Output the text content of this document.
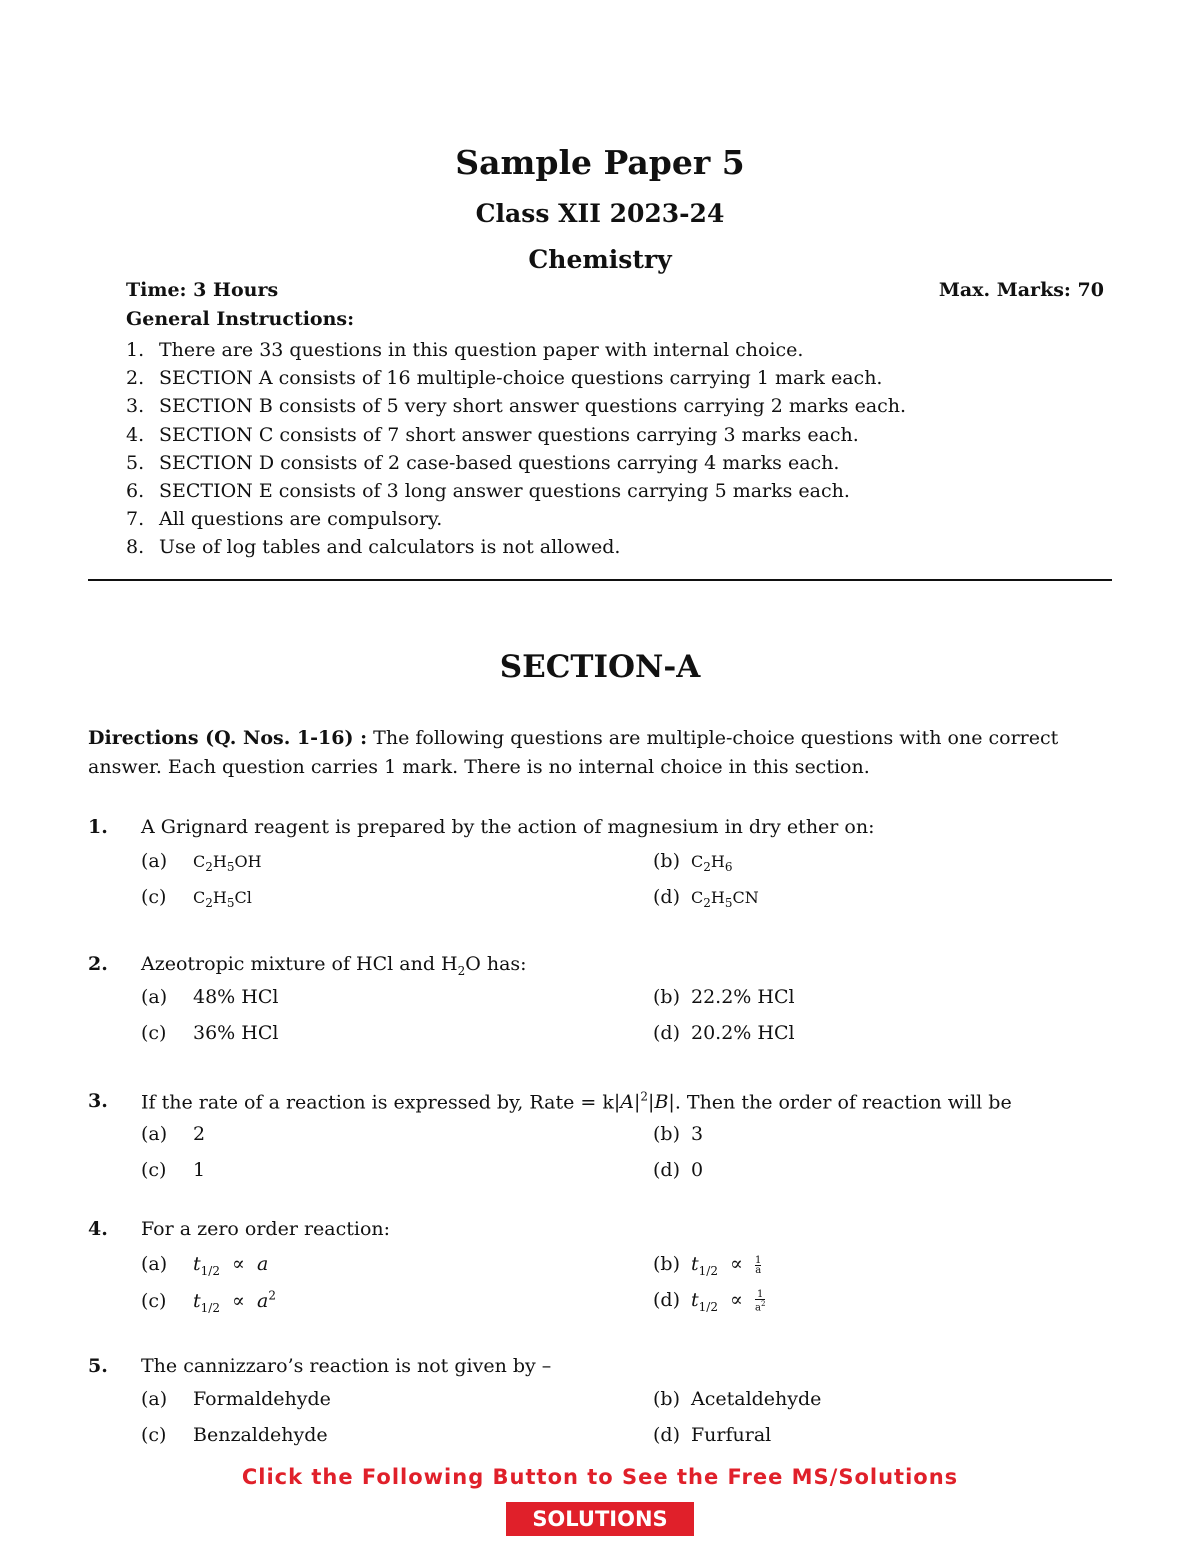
Sample Paper 5
Class XII 2023-24
Chemistry
Time: 3 Hours	Max. Marks: 70
General Instructions:
1. There are 33 questions in this question paper with internal choice.
2. SECTION A consists of 16 multiple-choice questions carrying 1 mark each.
3. SECTION B consists of 5 very short answer questions carrying 2 marks each.
4. SECTION C consists of 7 short answer questions carrying 3 marks each.
5. SECTION D consists of 2 case-based questions carrying 4 marks each.
6. SECTION E consists of 3 long answer questions carrying 5 marks each.
7. All questions are compulsory.
8. Use of log tables and calculators is not allowed.
SECTION-A
Directions (Q. Nos. 1-16) : The following questions are multiple-choice questions with one correct answer. Each question carries 1 mark. There is no internal choice in this section.
1. A Grignard reagent is prepared by the action of magnesium in dry ether on:
(a) $C_2H_5OH$	(b) $C_2H_6$
(c) $C_2H_5Cl$	(d) $C_2H_5CN$
2. Azeotropic mixture of HCl and $H_2O$ has:
(a) 48% HCl	(b) 22.2% HCl
(c) 36% HCl	(d) 20.2% HCl
3. If the rate of a reaction is expressed by, Rate = $k|A|^2|B|$. Then the order of reaction will be
(a) 2	(b) 3
(c) 1	(d) 0
4. For a zero order reaction:
(a) $t_{1/2} \propto a$	(b) $t_{1/2} \propto \frac{1}{a}$
(c) $t_{1/2} \propto a^2$	(d) $t_{1/2} \propto \frac{1}{a^2}$
5. The cannizzaro’s reaction is not given by –
(a) Formaldehyde	(b) Acetaldehyde
(c) Benzaldehyde	(d) Furfural
Click the Following Button to See the Free MS/Solutions
SOLUTIONS
